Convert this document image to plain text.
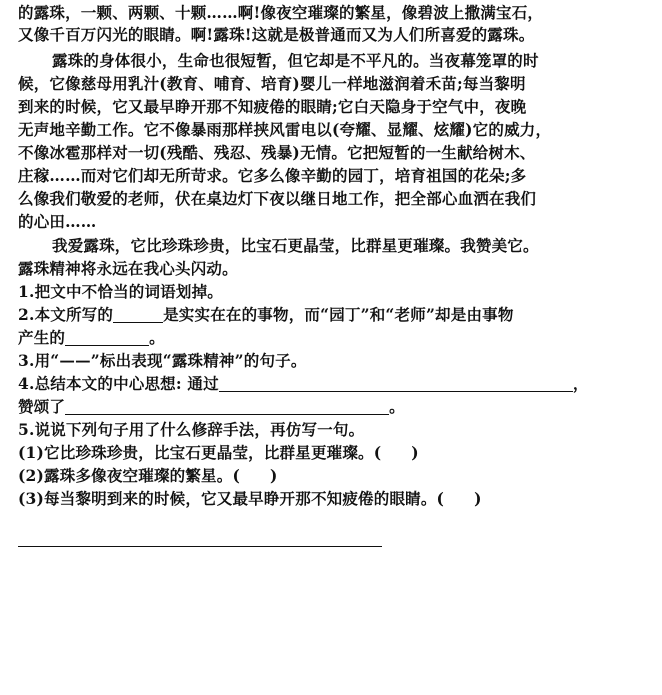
的露珠，一颗、两颗、十颗……啊!像夜空璀璨的繁星，像碧波上撒满宝石，
又像千百万闪光的眼睛。啊!露珠!这就是极普通而又为人们所喜爱的露珠。
露珠的身体很小，生命也很短暂，但它却是不平凡的。当夜幕笼罩的时
候，它像慈母用乳汁(教育、哺育、培育)婴儿一样地滋润着禾苗;每当黎明
到来的时候，它又最早睁开那不知疲倦的眼睛;它白天隐身于空气中，夜晚
无声地辛勤工作。它不像暴雨那样挟风雷电以(夸耀、显耀、炫耀)它的威力，
不像冰雹那样对一切(残酷、残忍、残暴)无情。它把短暂的一生献给树木、
庄稼……而对它们却无所苛求。它多么像辛勤的园丁，培育祖国的花朵;多
么像我们敬爱的老师，伏在桌边灯下夜以继日地工作，把全部心血洒在我们
的心田……
我爱露珠，它比珍珠珍贵，比宝石更晶莹，比群星更璀璨。我赞美它。
露珠精神将永远在我心头闪动。
1.把文中不恰当的词语划掉。
2.本文所写的	是实实在在的事物，而“园丁”和“老师”却是由事物
产生的	。
3.用“——”标出表现“露珠精神”的句子。
4.总结本文的中心思想: 通过	，
赞颂了	。
5.说说下列句子用了什么修辞手法，再仿写一句。
(1)它比珍珠珍贵，比宝石更晶莹，比群星更璀璨。( )
(2)露珠多像夜空璀璨的繁星。( )
(3)每当黎明到来的时候，它又最早睁开那不知疲倦的眼睛。( )
